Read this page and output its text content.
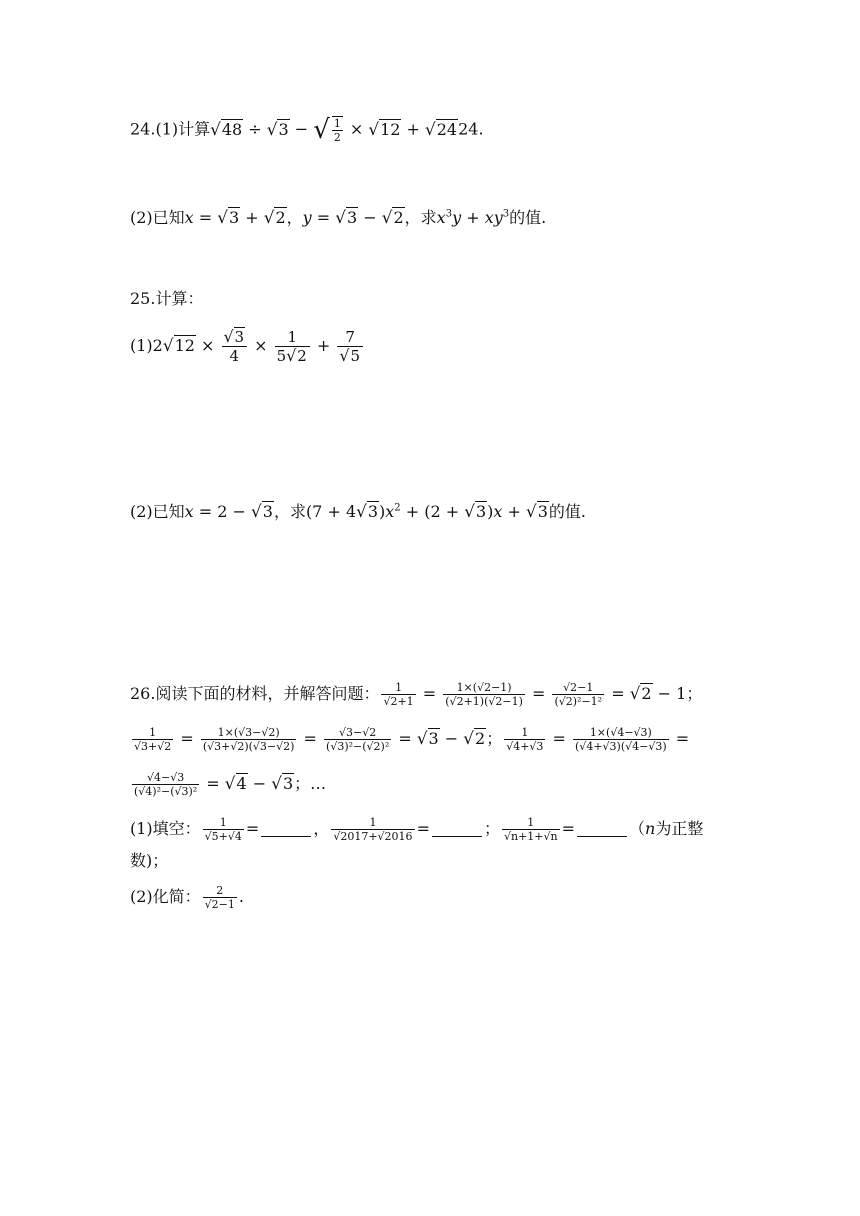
24.(1)计算√48 ÷ √3 − √ $\frac{1}{2} \times √12 + √2424$.
(2)已知x = √3 + √2，y = √3 − √2，求$x^3y + xy^3$的值.
25.计算：
$(1)2√12 \times \frac{√3}{4} \times \frac{1}{5√2} + \frac{7}{√5}$
(2)已知x = 2 − √3，求$(7 + 4√3)x^2 + (2 + √3)x + √3$的值.
26.阅读下面的材料，并解答问题： $\frac{1}{√2+1} = \frac{1\times(√2-1)}{(√2+1)(√2-1)} = \frac{√2-1}{\text{(√2)²−1²}} = √2 - 1$；
$\frac{1}{√3+√2} = \frac{1\times(√3-√2)}{(√3+√2)(√3-√2)} = \frac{√3-√2}{\text{(√3)²−(√2)²}} = √3 - √2$； $\frac{1}{√4+√3} = \frac{1\times(√4-√3)}{(√4+√3)(√4-√3)}$ =
$\frac{√4-√3}{\text{(√4)²−(√3)²}} = √4 - √3$；…
(1)填空： $\frac{1}{√5+√4}$ =	， $\frac{1}{√2017+√2016}$ =	； $\frac{1}{√n+1+√n}$ =	（n为正整
数)；
(2)化简： $\frac{2}{√2-1}$ .
